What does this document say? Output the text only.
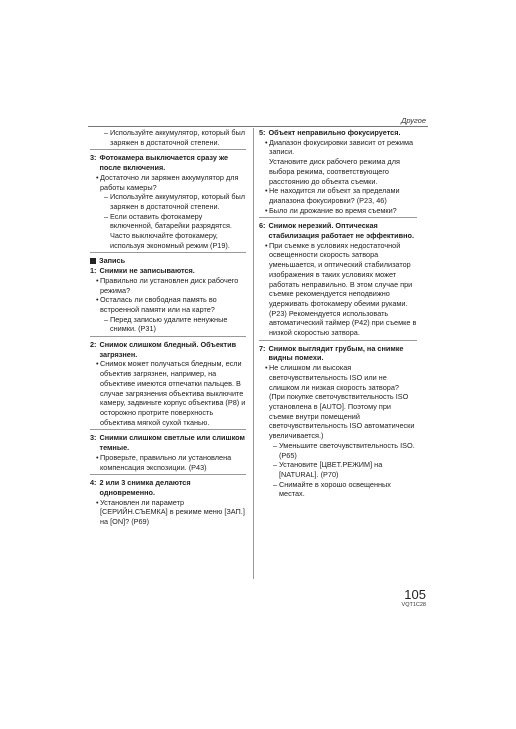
Другое
– Используйте аккумулятор, который был заряжен в достаточной степени.
3: Фотокамера выключается сразу же после включения.
•Достаточно ли заряжен аккумулятор для работы камеры?
– Используйте аккумулятор, который был заряжен в достаточной степени.
– Если оставить фотокамеру включенной, батарейки разрядятся. Часто выключайте фотокамеру, используя экономный режим (P19).
Запись
1: Снимки не записываются.
•Правильно ли установлен диск рабочего режима?
•Осталась ли свободная память во встроенной памяти или на карте?
– Перед записью удалите ненужные снимки. (P31)
2: Снимок слишком бледный. Объектив загрязнен.
•Снимок может получаться бледным, если объектив загрязнен, например, на объективе имеются отпечатки пальцев. В случае загрязнения объектива выключите камеру, задвиньте корпус объектива (P8) и осторожно протрите поверхность объектива мягкой сухой тканью.
3: Снимки слишком светлые или слишком темные.
•Проверьте, правильно ли установлена компенсация экспозиции. (P43)
4: 2 или 3 снимка делаются одновременно.
•Установлен ли параметр [СЕРИЙН.СЪЕМКА] в режиме меню [ЗАП.] на [ON]? (P69)
5: Объект неправильно фокусируется.
•Диапазон фокусировки зависит от режима записи.
Установите диск рабочего режима для выбора режима, соответствующего расстоянию до объекта съемки.
•Не находится ли объект за пределами диапазона фокусировки? (P23, 46)
•Было ли дрожание во время съемки?
6: Снимок нерезкий. Оптическая стабилизация работает не эффективно.
•При съемке в условиях недостаточной освещенности скорость затвора уменьшается, и оптический стабилизатор изображения в таких условиях может работать неправильно. В этом случае при съемке рекомендуется неподвижно удерживать фотокамеру обеими руками. (P23) Рекомендуется использовать автоматический таймер (P42) при съемке в низкой скоростью затвора.
7: Снимок выглядит грубым, на снимке видны помехи.
•Не слишком ли высокая светочувствительность ISO или не слишком ли низкая скорость затвора?
(При покупке светочувствительность ISO установлена в [AUTO]. Поэтому при съемке внутри помещений светочувствительность ISO автоматически увеличивается.)
– Уменьшите светочувствительность ISO. (P65)
– Установите [ЦВЕТ.РЕЖИМ] на [NATURAL]. (P70)
– Снимайте в хорошо освещенных местах.
105
VQT1C28
